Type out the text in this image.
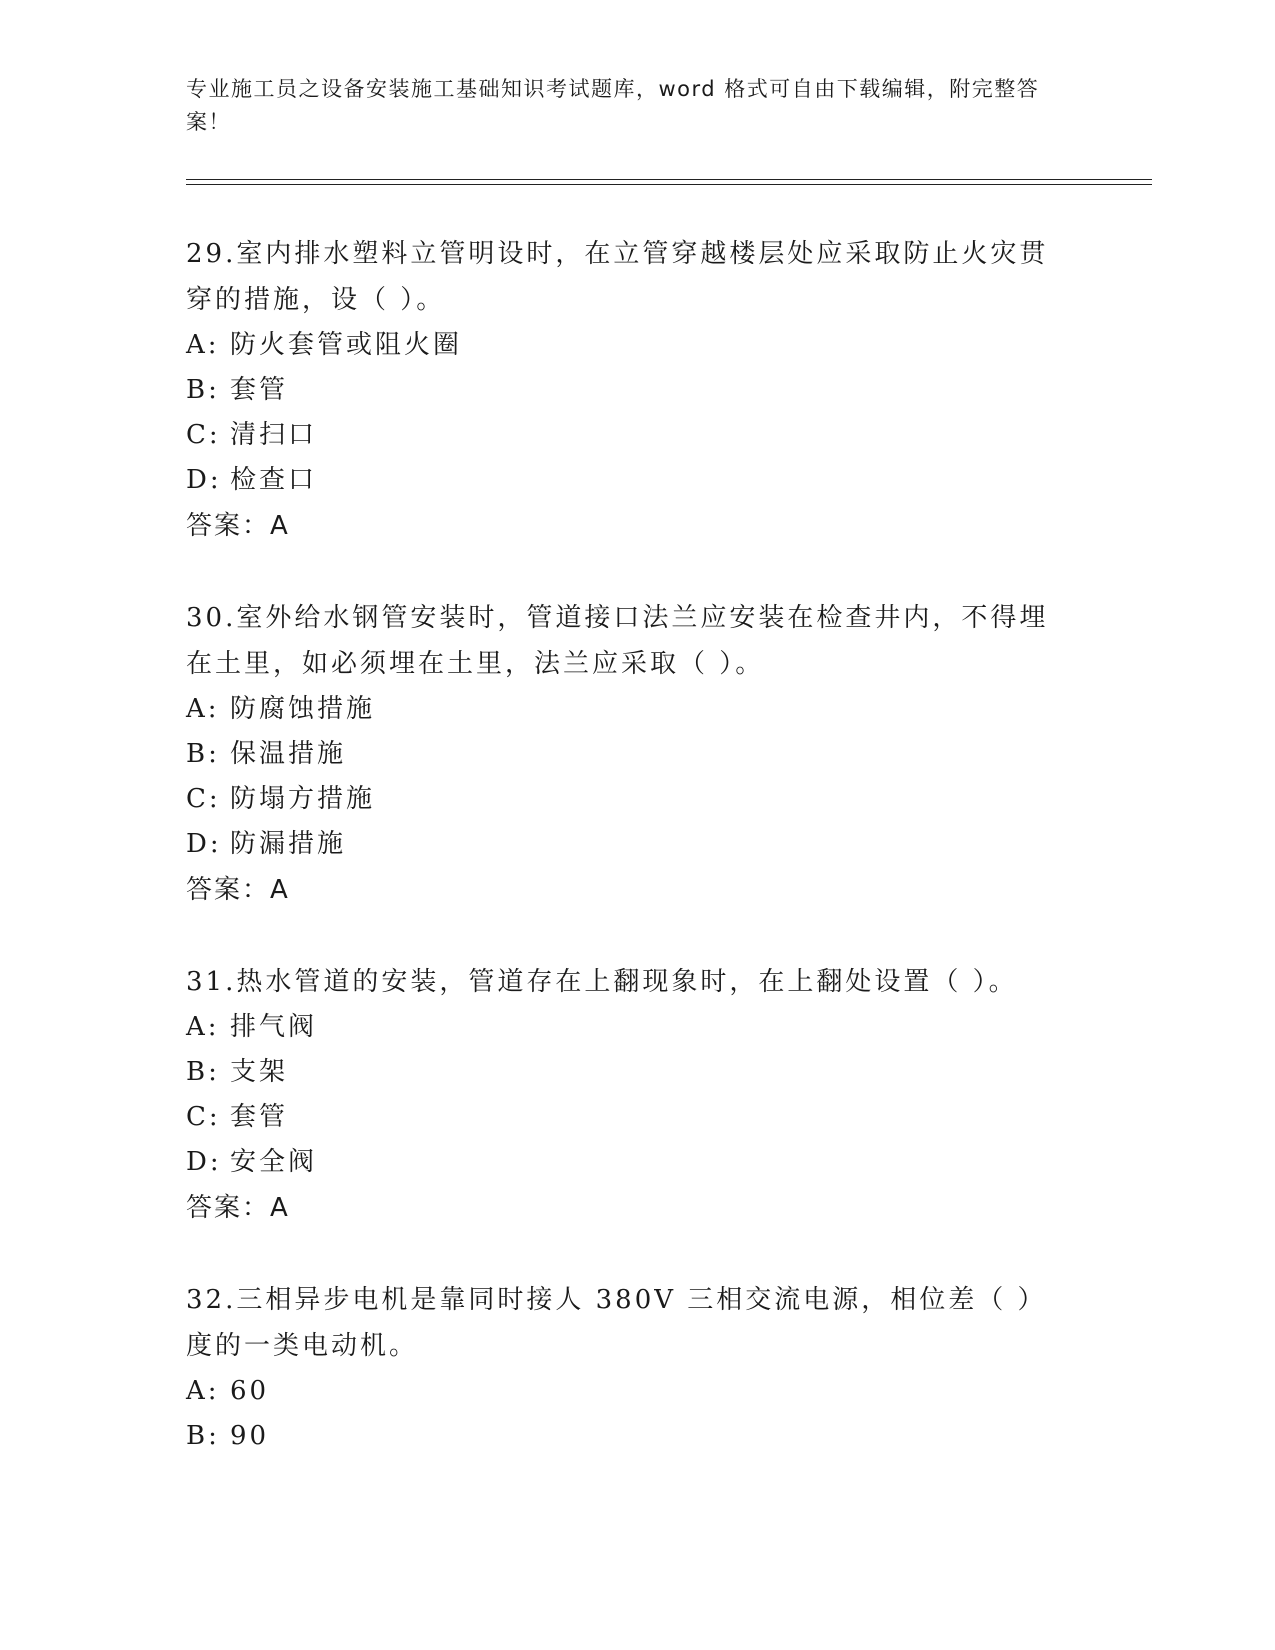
专业施工员之设备安装施工基础知识考试题库，word 格式可自由下载编辑，附完整答案！

29.室内排水塑料立管明设时，在立管穿越楼层处应采取防止火灾贯穿的措施，设（ ）。

A: 防火套管或阻火圈
B: 套管
C: 清扫口
D: 检查口

答案：A

30.室外给水钢管安装时，管道接口法兰应安装在检查井内，不得埋在土里，如必须埋在土里，法兰应采取（ ）。

A: 防腐蚀措施
B: 保温措施
C: 防塌方措施
D: 防漏措施

答案：A

31.热水管道的安装，管道存在上翻现象时，在上翻处设置（ ）。

A: 排气阀
B: 支架
C: 套管
D: 安全阀

答案：A

32.三相异步电机是靠同时接人 380V 三相交流电源，相位差（ ）度的一类电动机。

A: 60
B: 90
